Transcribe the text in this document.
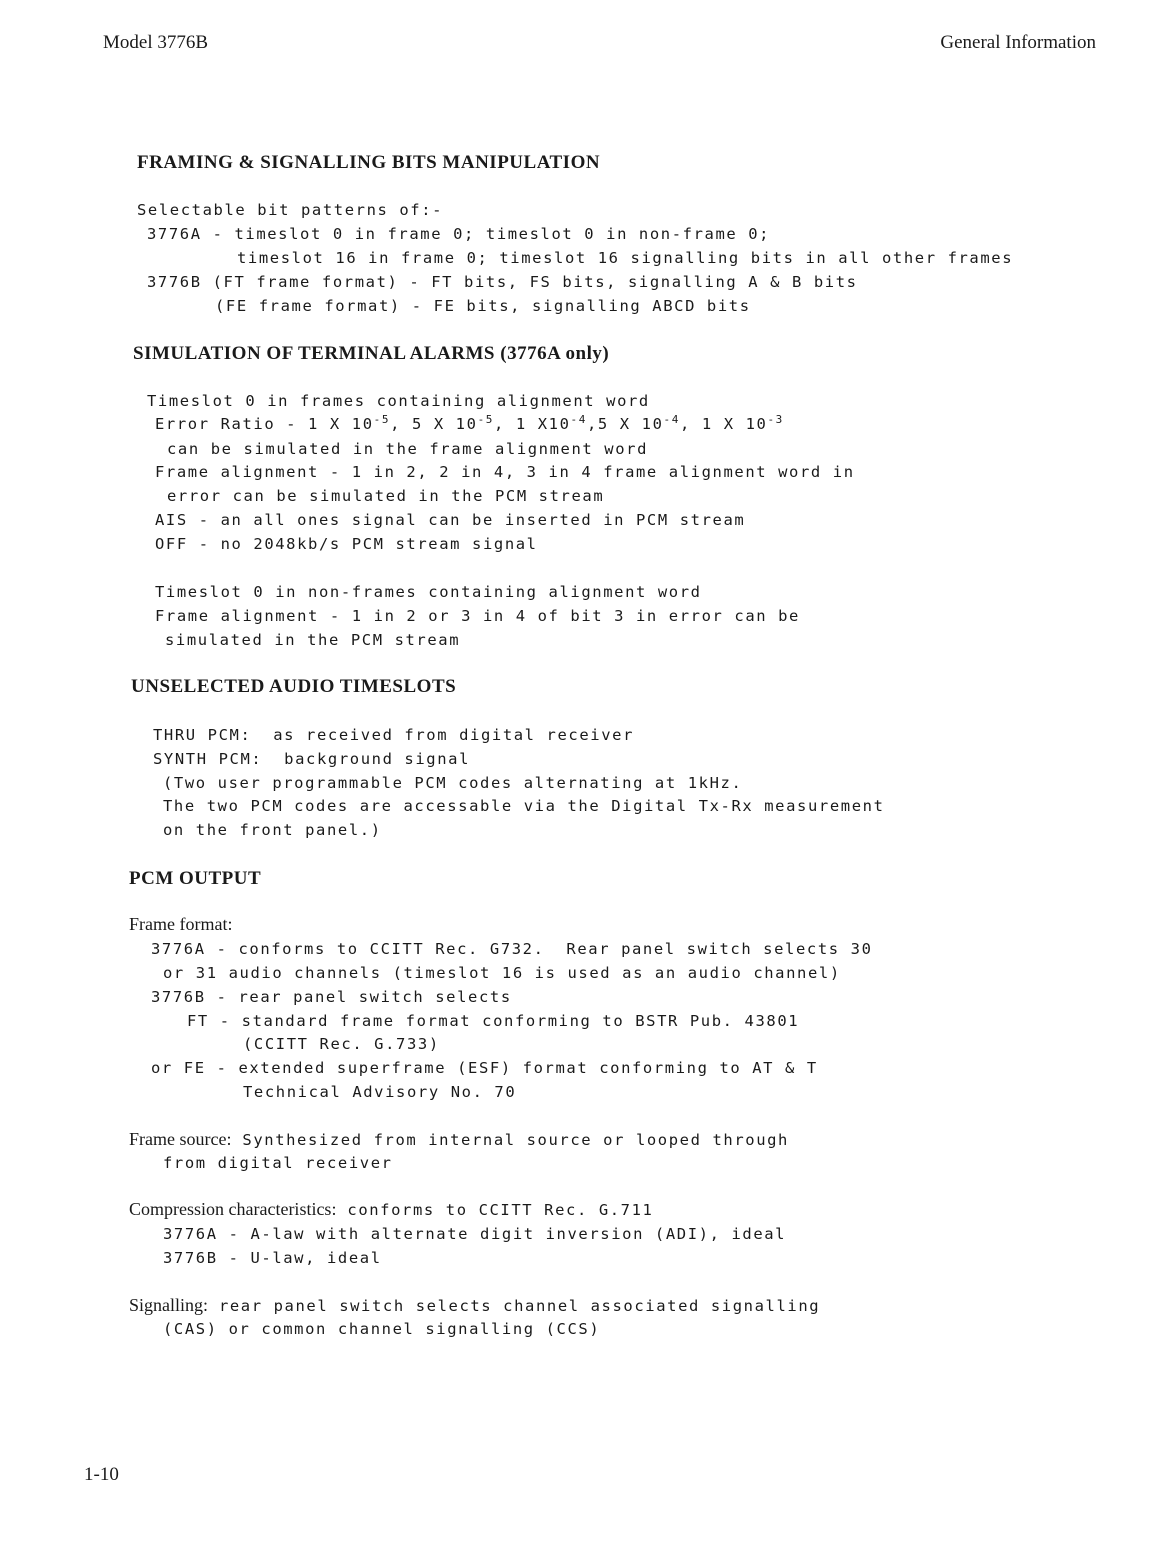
Model 3776B	General Information
FRAMING & SIGNALLING BITS MANIPULATION
Selectable bit patterns of:-
3776A - timeslot 0 in frame 0; timeslot 0 in non-frame 0;
timeslot 16 in frame 0; timeslot 16 signalling bits in all other frames
3776B (FT frame format) - FT bits, FS bits, signalling A & B bits
(FE frame format) - FE bits, signalling ABCD bits
SIMULATION OF TERMINAL ALARMS (3776A only)
Timeslot 0 in frames containing alignment word
Error Ratio - 1 X $10^{-5}$, 5 X $10^{-5}$, 1 $X10^{-4},5$ X $10^{-4}$, 1 X $10^{-3}$
can be simulated in the frame alignment word
Frame alignment - 1 in 2, 2 in 4, 3 in 4 frame alignment word in
error can be simulated in the PCM stream
AIS - an all ones signal can be inserted in PCM stream
OFF - no 2048kb/s PCM stream signal
Timeslot 0 in non-frames containing alignment word
Frame alignment - 1 in 2 or 3 in 4 of bit 3 in error can be
simulated in the PCM stream
UNSELECTED AUDIO TIMESLOTS
THRU PCM:  as received from digital receiver
SYNTH PCM:  background signal
(Two user programmable PCM codes alternating at 1kHz.
The two PCM codes are accessable via the Digital Tx-Rx measurement
on the front panel.)
PCM OUTPUT
Frame format:
3776A - conforms to CCITT Rec. G732.  Rear panel switch selects 30
or 31 audio channels (timeslot 16 is used as an audio channel)
3776B - rear panel switch selects
FT - standard frame format conforming to BSTR Pub. 43801
(CCITT Rec. G.733)
or FE - extended superframe (ESF) format conforming to AT & T
Technical Advisory No. 70
Frame source: Synthesized from internal source or looped through
from digital receiver
Compression characteristics: conforms to CCITT Rec. G.711
3776A - A-law with alternate digit inversion (ADI), ideal
3776B - U-law, ideal
Signalling: rear panel switch selects channel associated signalling
(CAS) or common channel signalling (CCS)
1-10
